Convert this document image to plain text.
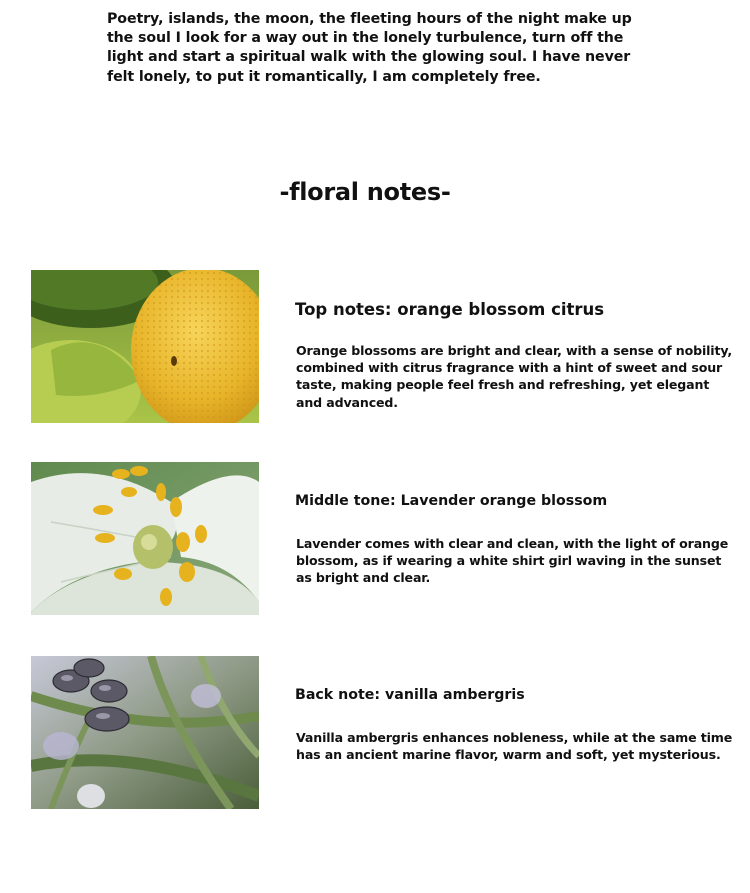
Poetry, islands, the moon, the fleeting hours of the night make up the soul I look for a way out in the lonely turbulence, turn off the light and start a spiritual walk with the glowing soul. I have never felt lonely, to put it romantically, I am completely free.

-floral notes-
Top notes: orange blossom citrus

Orange blossoms are bright and clear, with a sense of nobility, combined with citrus fragrance with a hint of sweet and sour taste, making people feel fresh and refreshing, yet elegant and advanced.

Middle tone: Lavender orange blossom

Lavender comes with clear and clean, with the light of orange blossom, as if wearing a white shirt girl waving in the sunset as bright and clear.

Back note: vanilla ambergris

Vanilla ambergris enhances nobleness, while at the same time has an ancient marine flavor, warm and soft, yet mysterious.
